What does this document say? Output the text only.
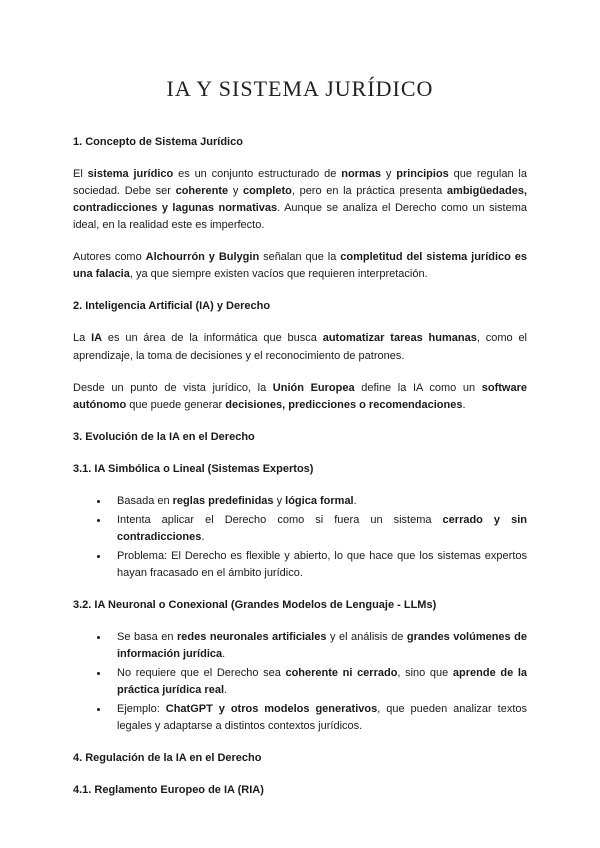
IA Y SISTEMA JURÍDICO
1. Concepto de Sistema Jurídico

El sistema jurídico es un conjunto estructurado de normas y principios que regulan la sociedad. Debe ser coherente y completo, pero en la práctica presenta ambigüedades, contradicciones y lagunas normativas. Aunque se analiza el Derecho como un sistema ideal, en la realidad este es imperfecto.

Autores como Alchourrón y Bulygin señalan que la completitud del sistema jurídico es una falacia, ya que siempre existen vacíos que requieren interpretación.

2. Inteligencia Artificial (IA) y Derecho

La IA es un área de la informática que busca automatizar tareas humanas, como el aprendizaje, la toma de decisiones y el reconocimiento de patrones.

Desde un punto de vista jurídico, la Unión Europea define la IA como un software autónomo que puede generar decisiones, predicciones o recomendaciones.

3. Evolución de la IA en el Derecho
3.1. IA Simbólica o Lineal (Sistemas Expertos)
• Basada en reglas predefinidas y lógica formal.
• Intenta aplicar el Derecho como si fuera un sistema cerrado y sin contradicciones.
• Problema: El Derecho es flexible y abierto, lo que hace que los sistemas expertos hayan fracasado en el ámbito jurídico.
3.2. IA Neuronal o Conexional (Grandes Modelos de Lenguaje - LLMs)
• Se basa en redes neuronales artificiales y el análisis de grandes volúmenes de información jurídica.
• No requiere que el Derecho sea coherente ni cerrado, sino que aprende de la práctica jurídica real.
• Ejemplo: ChatGPT y otros modelos generativos, que pueden analizar textos legales y adaptarse a distintos contextos jurídicos.
4. Regulación de la IA en el Derecho
4.1. Reglamento Europeo de IA (RIA)
